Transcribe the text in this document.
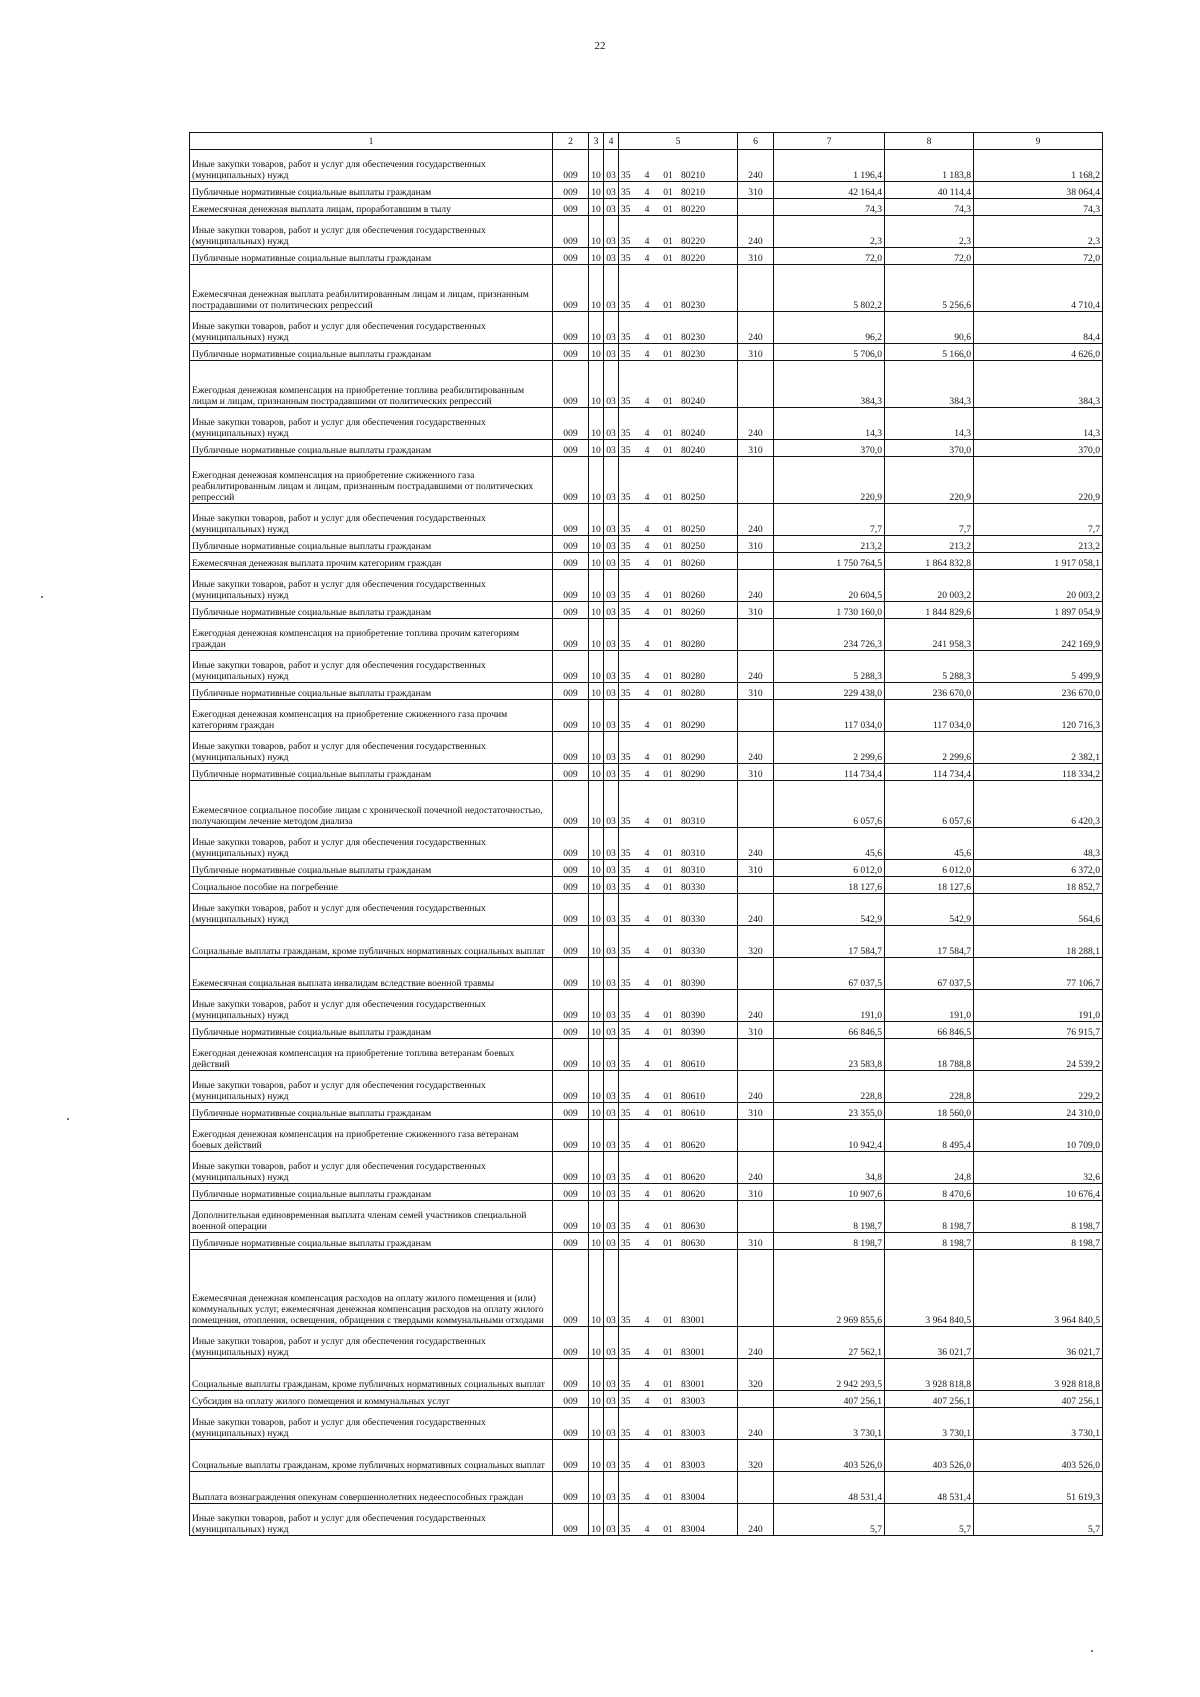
22
1	2	3	4	5	6	7	8	9
Иные закупки товаров, работ и услуг для обеспечения государственных (муниципальных) нужд	009	10	03	35 4 01 80210	240	1 196,4	1 183,8	1 168,2
Публичные нормативные социальные выплаты гражданам	009	10	03	35 4 01 80210	310	42 164,4	40 114,4	38 064,4
Ежемесячная денежная выплата лицам, проработавшим в тылу	009	10	03	35 4 01 80220		74,3	74,3	74,3
Иные закупки товаров, работ и услуг для обеспечения государственных (муниципальных) нужд	009	10	03	35 4 01 80220	240	2,3	2,3	2,3
Публичные нормативные социальные выплаты гражданам	009	10	03	35 4 01 80220	310	72,0	72,0	72,0
Ежемесячная денежная выплата реабилитированным лицам и лицам, признанным пострадавшими от политических репрессий	009	10	03	35 4 01 80230		5 802,2	5 256,6	4 710,4
Иные закупки товаров, работ и услуг для обеспечения государственных (муниципальных) нужд	009	10	03	35 4 01 80230	240	96,2	90,6	84,4
Публичные нормативные социальные выплаты гражданам	009	10	03	35 4 01 80230	310	5 706,0	5 166,0	4 626,0
Ежегодная денежная компенсация на приобретение топлива реабилитированным лицам и лицам, признанным пострадавшими от политических репрессий	009	10	03	35 4 01 80240		384,3	384,3	384,3
Иные закупки товаров, работ и услуг для обеспечения государственных (муниципальных) нужд	009	10	03	35 4 01 80240	240	14,3	14,3	14,3
Публичные нормативные социальные выплаты гражданам	009	10	03	35 4 01 80240	310	370,0	370,0	370,0
Ежегодная денежная компенсация на приобретение сжиженного газа реабилитированным лицам и лицам, признанным пострадавшими от политических репрессий	009	10	03	35 4 01 80250		220,9	220,9	220,9
Иные закупки товаров, работ и услуг для обеспечения государственных (муниципальных) нужд	009	10	03	35 4 01 80250	240	7,7	7,7	7,7
Публичные нормативные социальные выплаты гражданам	009	10	03	35 4 01 80250	310	213,2	213,2	213,2
Ежемесячная денежная выплата прочим категориям граждан	009	10	03	35 4 01 80260		1 750 764,5	1 864 832,8	1 917 058,1
Иные закупки товаров, работ и услуг для обеспечения государственных (муниципальных) нужд	009	10	03	35 4 01 80260	240	20 604,5	20 003,2	20 003,2
Публичные нормативные социальные выплаты гражданам	009	10	03	35 4 01 80260	310	1 730 160,0	1 844 829,6	1 897 054,9
Ежегодная денежная компенсация на приобретение топлива прочим категориям граждан	009	10	03	35 4 01 80280		234 726,3	241 958,3	242 169,9
Иные закупки товаров, работ и услуг для обеспечения государственных (муниципальных) нужд	009	10	03	35 4 01 80280	240	5 288,3	5 288,3	5 499,9
Публичные нормативные социальные выплаты гражданам	009	10	03	35 4 01 80280	310	229 438,0	236 670,0	236 670,0
Ежегодная денежная компенсация на приобретение сжиженного газа прочим категориям граждан	009	10	03	35 4 01 80290		117 034,0	117 034,0	120 716,3
Иные закупки товаров, работ и услуг для обеспечения государственных (муниципальных) нужд	009	10	03	35 4 01 80290	240	2 299,6	2 299,6	2 382,1
Публичные нормативные социальные выплаты гражданам	009	10	03	35 4 01 80290	310	114 734,4	114 734,4	118 334,2
Ежемесячное социальное пособие лицам с хронической почечной недостаточностью, получающим лечение методом диализа	009	10	03	35 4 01 80310		6 057,6	6 057,6	6 420,3
Иные закупки товаров, работ и услуг для обеспечения государственных (муниципальных) нужд	009	10	03	35 4 01 80310	240	45,6	45,6	48,3
Публичные нормативные социальные выплаты гражданам	009	10	03	35 4 01 80310	310	6 012,0	6 012,0	6 372,0
Социальное пособие на погребение	009	10	03	35 4 01 80330		18 127,6	18 127,6	18 852,7
Иные закупки товаров, работ и услуг для обеспечения государственных (муниципальных) нужд	009	10	03	35 4 01 80330	240	542,9	542,9	564,6
Социальные выплаты гражданам, кроме публичных нормативных социальных выплат	009	10	03	35 4 01 80330	320	17 584,7	17 584,7	18 288,1
Ежемесячная социальная выплата инвалидам вследствие военной травмы	009	10	03	35 4 01 80390		67 037,5	67 037,5	77 106,7
Иные закупки товаров, работ и услуг для обеспечения государственных (муниципальных) нужд	009	10	03	35 4 01 80390	240	191,0	191,0	191,0
Публичные нормативные социальные выплаты гражданам	009	10	03	35 4 01 80390	310	66 846,5	66 846,5	76 915,7
Ежегодная денежная компенсация на приобретение топлива ветеранам боевых действий	009	10	03	35 4 01 80610		23 583,8	18 788,8	24 539,2
Иные закупки товаров, работ и услуг для обеспечения государственных (муниципальных) нужд	009	10	03	35 4 01 80610	240	228,8	228,8	229,2
Публичные нормативные социальные выплаты гражданам	009	10	03	35 4 01 80610	310	23 355,0	18 560,0	24 310,0
Ежегодная денежная компенсация на приобретение сжиженного газа ветеранам боевых действий	009	10	03	35 4 01 80620		10 942,4	8 495,4	10 709,0
Иные закупки товаров, работ и услуг для обеспечения государственных (муниципальных) нужд	009	10	03	35 4 01 80620	240	34,8	24,8	32,6
Публичные нормативные социальные выплаты гражданам	009	10	03	35 4 01 80620	310	10 907,6	8 470,6	10 676,4
Дополнительная единовременная выплата членам семей участников специальной военной операции	009	10	03	35 4 01 80630		8 198,7	8 198,7	8 198,7
Публичные нормативные социальные выплаты гражданам	009	10	03	35 4 01 80630	310	8 198,7	8 198,7	8 198,7
Ежемесячная денежная компенсация расходов на оплату жилого помещения и (или) коммунальных услуг, ежемесячная денежная компенсация расходов на оплату жилого помещения, отопления, освещения, обращения с твердыми коммунальными отходами	009	10	03	35 4 01 83001		2 969 855,6	3 964 840,5	3 964 840,5
Иные закупки товаров, работ и услуг для обеспечения государственных (муниципальных) нужд	009	10	03	35 4 01 83001	240	27 562,1	36 021,7	36 021,7
Социальные выплаты гражданам, кроме публичных нормативных социальных выплат	009	10	03	35 4 01 83001	320	2 942 293,5	3 928 818,8	3 928 818,8
Субсидия на оплату жилого помещения и коммунальных услуг	009	10	03	35 4 01 83003		407 256,1	407 256,1	407 256,1
Иные закупки товаров, работ и услуг для обеспечения государственных (муниципальных) нужд	009	10	03	35 4 01 83003	240	3 730,1	3 730,1	3 730,1
Социальные выплаты гражданам, кроме публичных нормативных социальных выплат	009	10	03	35 4 01 83003	320	403 526,0	403 526,0	403 526,0
Выплата вознаграждения опекунам совершеннолетних недееспособных граждан	009	10	03	35 4 01 83004		48 531,4	48 531,4	51 619,3
Иные закупки товаров, работ и услуг для обеспечения государственных (муниципальных) нужд	009	10	03	35 4 01 83004	240	5,7	5,7	5,7
